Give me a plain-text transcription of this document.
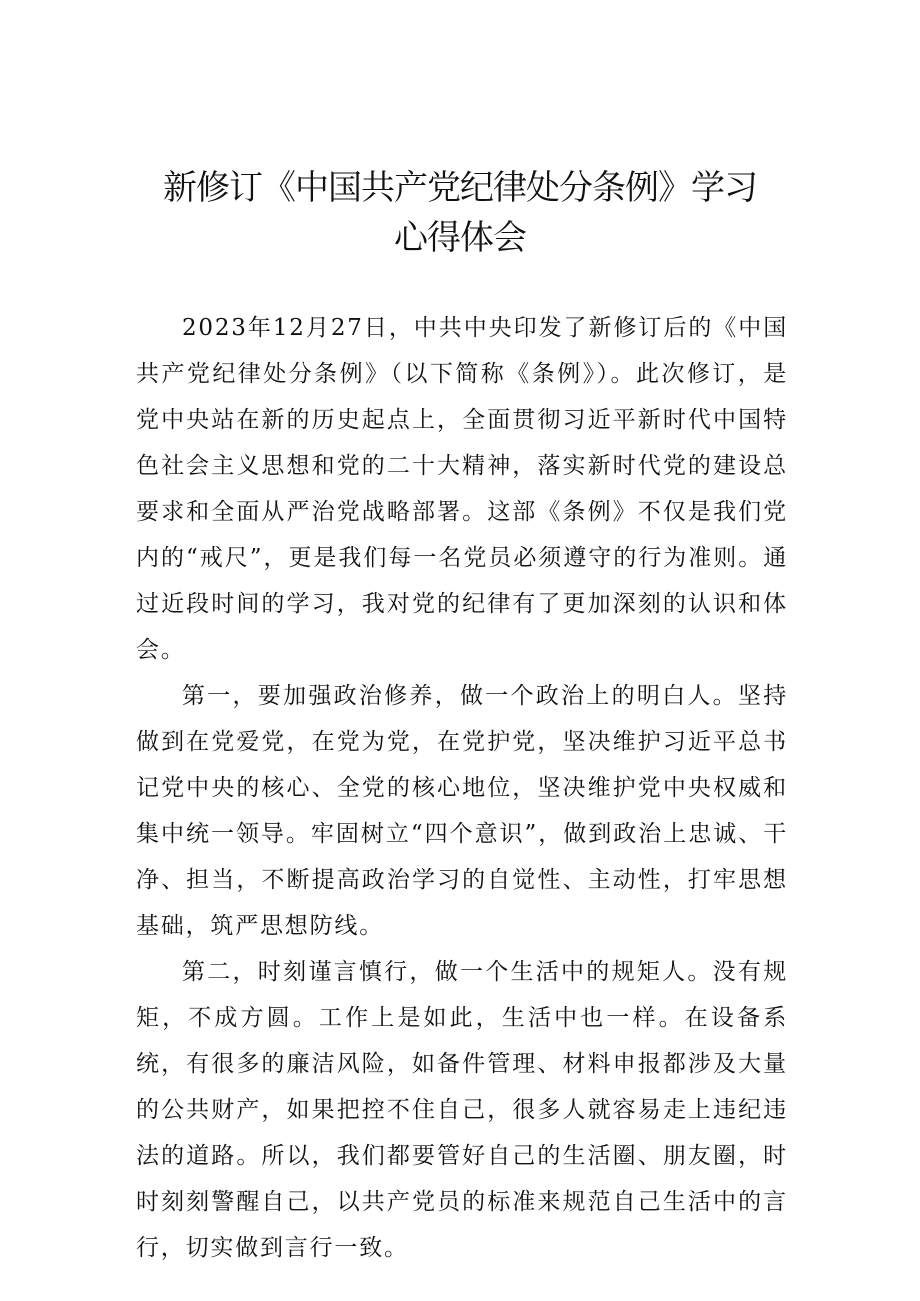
新修订《中国共产党纪律处分条例》学习
心得体会

2023年12月27日，中共中央印发了新修订后的《中国共产党纪律处分条例》（以下简称《条例》）。此次修订，是党中央站在新的历史起点上，全面贯彻习近平新时代中国特色社会主义思想和党的二十大精神，落实新时代党的建设总要求和全面从严治党战略部署。这部《条例》不仅是我们党内的“戒尺”，更是我们每一名党员必须遵守的行为准则。通过近段时间的学习，我对党的纪律有了更加深刻的认识和体会。

第一，要加强政治修养，做一个政治上的明白人。坚持做到在党爱党，在党为党，在党护党，坚决维护习近平总书记党中央的核心、全党的核心地位，坚决维护党中央权威和集中统一领导。牢固树立“四个意识”，做到政治上忠诚、干净、担当，不断提高政治学习的自觉性、主动性，打牢思想基础，筑严思想防线。

第二，时刻谨言慎行，做一个生活中的规矩人。没有规矩，不成方圆。工作上是如此，生活中也一样。在设备系统，有很多的廉洁风险，如备件管理、材料申报都涉及大量的公共财产，如果把控不住自己，很多人就容易走上违纪违法的道路。所以，我们都要管好自己的生活圈、朋友圈，时时刻刻警醒自己，以共产党员的标准来规范自己生活中的言行，切实做到言行一致。
